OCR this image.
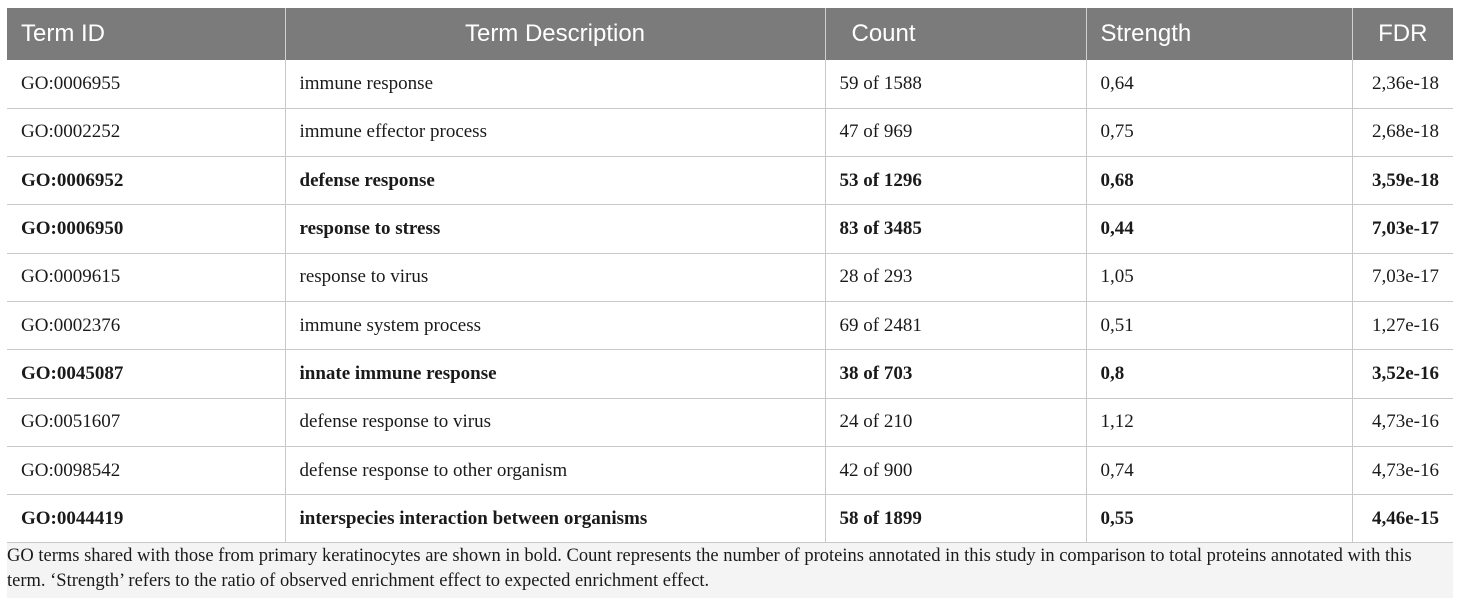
Term ID	Term Description	Count	Strength	FDR
GO:0006955	immune response	59 of 1588	0,64	2,36e-18
GO:0002252	immune effector process	47 of 969	0,75	2,68e-18
GO:0006952	defense response	53 of 1296	0,68	3,59e-18
GO:0006950	response to stress	83 of 3485	0,44	7,03e-17
GO:0009615	response to virus	28 of 293	1,05	7,03e-17
GO:0002376	immune system process	69 of 2481	0,51	1,27e-16
GO:0045087	innate immune response	38 of 703	0,8	3,52e-16
GO:0051607	defense response to virus	24 of 210	1,12	4,73e-16
GO:0098542	defense response to other organism	42 of 900	0,74	4,73e-16
GO:0044419	interspecies interaction between organisms	58 of 1899	0,55	4,46e-15
GO terms shared with those from primary keratinocytes are shown in bold. Count represents the number of proteins annotated in this study in comparison to total proteins annotated with this term. ‘Strength’ refers to the ratio of observed enrichment effect to expected enrichment effect.
